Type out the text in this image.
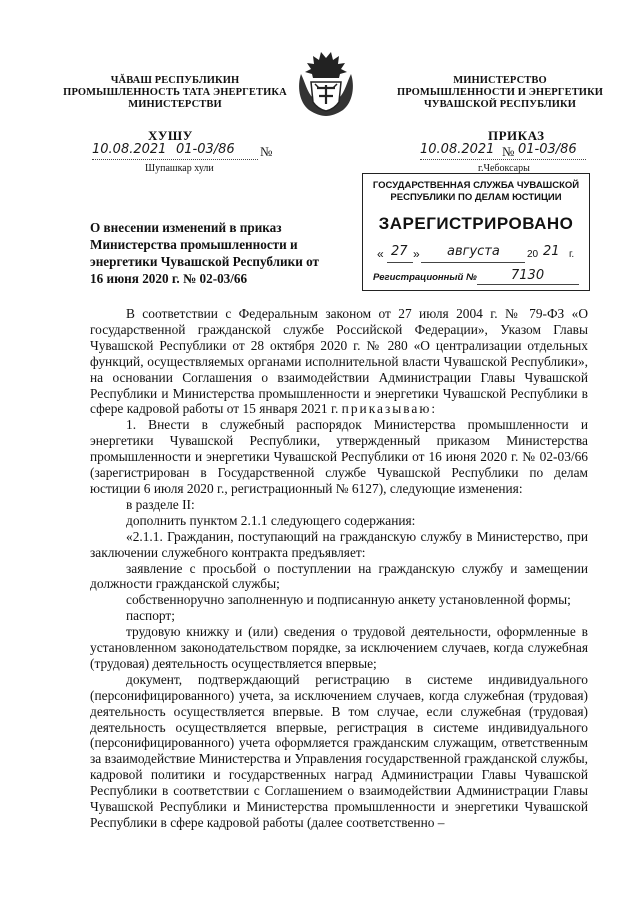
ЧĂВАШ РЕСПУБЛИКИН
ПРОМЫШЛЕННОСТЬ ТАТА ЭНЕРГЕТИКА
МИНИСТЕРСТВИ
МИНИСТЕРСТВО
ПРОМЫШЛЕННОСТИ И ЭНЕРГЕТИКИ
ЧУВАШСКОЙ РЕСПУБЛИКИ
ХУШУ	ПРИКАЗ
10.08.2021 01-03/86 №
Шупашкар хули
10.08.2021 № 01-03/86
г.Чебоксары
О внесении изменений в приказ Министерства промышленности и энергетики Чувашской Республики от 16 июня 2020 г. № 02-03/66
ГОСУДАРСТВЕННАЯ СЛУЖБА ЧУВАШСКОЙ
РЕСПУБЛИКИ ПО ДЕЛАМ ЮСТИЦИИ
ЗАРЕГИСТРИРОВАНО
« 27 » августа	20 21 г.
Регистрационный №	7130

В соответствии с Федеральным законом от 27 июля 2004 г. № 79-ФЗ «О государственной гражданской службе Российской Федерации», Указом Главы Чувашской Республики от 28 октября 2020 г. № 280 «О централизации отдельных функций, осуществляемых органами исполнительной власти Чувашской Республики», на основании Соглашения о взаимодействии Администрации Главы Чувашской Республики и Министерства промышленности и энергетики Чувашской Республики в сфере кадровой работы от 15 января 2021 г. приказываю:

1. Внести в служебный распорядок Министерства промышленности и энергетики Чувашской Республики, утвержденный приказом Министерства промышленности и энергетики Чувашской Республики от 16 июня 2020 г. № 02-03/66 (зарегистрирован в Государственной службе Чувашской Республики по делам юстиции 6 июля 2020 г., регистрационный № 6127), следующие изменения:

в разделе II:

дополнить пунктом 2.1.1 следующего содержания:

«2.1.1. Гражданин, поступающий на гражданскую службу в Министерство, при заключении служебного контракта предъявляет:

заявление с просьбой о поступлении на гражданскую службу и замещении должности гражданской службы;

собственноручно заполненную и подписанную анкету установленной формы;

паспорт;

трудовую книжку и (или) сведения о трудовой деятельности, оформленные в установленном законодательством порядке, за исключением случаев, когда служебная (трудовая) деятельность осуществляется впервые;

документ, подтверждающий регистрацию в системе индивидуального (персонифицированного) учета, за исключением случаев, когда служебная (трудовая) деятельность осуществляется впервые. В том случае, если служебная (трудовая) деятельность осуществляется впервые, регистрация в системе индивидуального (персонифицированного) учета оформляется гражданским служащим, ответственным за взаимодействие Министерства и Управления государственной гражданской службы, кадровой политики и государственных наград Администрации Главы Чувашской Республики в соответствии с Соглашением о взаимодействии Администрации Главы Чувашской Республики и Министерства промышленности и энергетики Чувашской Республики в сфере кадровой работы (далее соответственно –
